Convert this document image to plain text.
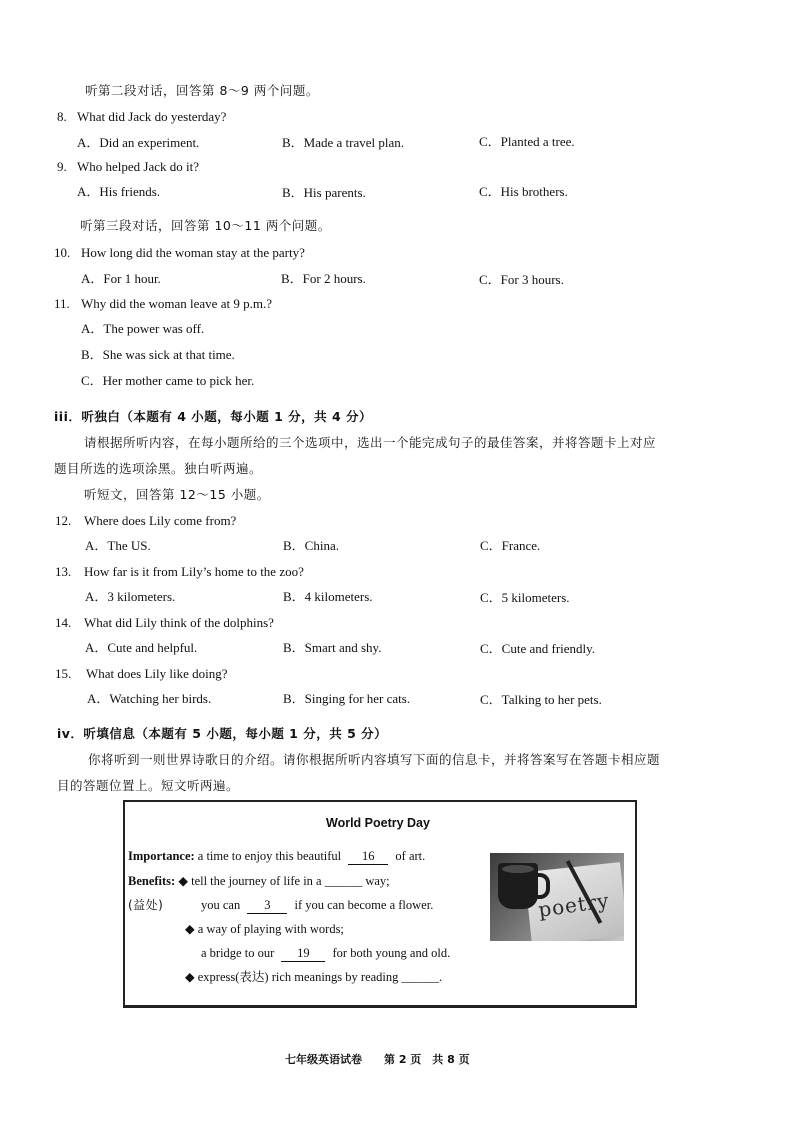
听第二段对话，回答第 8～9 两个问题。
8. What did Jack do yesterday?
A．Did an experiment.	B．Made a travel plan.	C．Planted a tree.
9. Who helped Jack do it?
A．His friends.	B．His parents.	C．His brothers.
听第三段对话，回答第 10～11 两个问题。
10. How long did the woman stay at the party?
A．For 1 hour.	B．For 2 hours.	C．For 3 hours.
11. Why did the woman leave at 9 p.m.?
A．The power was off.
B．She was sick at that time.
C．Her mother came to pick her.
iii．听独白（本题有 4 小题，每小题 1 分，共 4 分）
请根据所听内容，在每小题所给的三个选项中，选出一个能完成句子的最佳答案，并将答题卡上对应
题目所选的选项涂黑。独白听两遍。
听短文，回答第 12～15 小题。
12. Where does Lily come from?
A．The US.	B．China.	C．France.
13. How far is it from Lily’s home to the zoo?
A．3 kilometers.	B．4 kilometers.	C．5 kilometers.
14. What did Lily think of the dolphins?
A．Cute and helpful.	B．Smart and shy.	C．Cute and friendly.
15. What does Lily like doing?
A．Watching her birds.	B．Singing for her cats.	C．Talking to her pets.
iv．听填信息（本题有 5 小题，每小题 1 分，共 5 分）
你将听到一则世界诗歌日的介绍。请你根据所听内容填写下面的信息卡，并将答案写在答题卡相应题
目的答题位置上。短文听两遍。
World Poetry Day
Importance: a time to enjoy this beautiful 16 of art.
Benefits: ◆ tell the journey of life in a ______ way;
(益处)	you can 3 if you can become a flower.
◆ a way of playing with words;
a bridge to our 19 for both young and old.
◆ express(表达) rich meanings by reading ______.
poetry
七年级英语试卷　　第 2 页　共 8 页
